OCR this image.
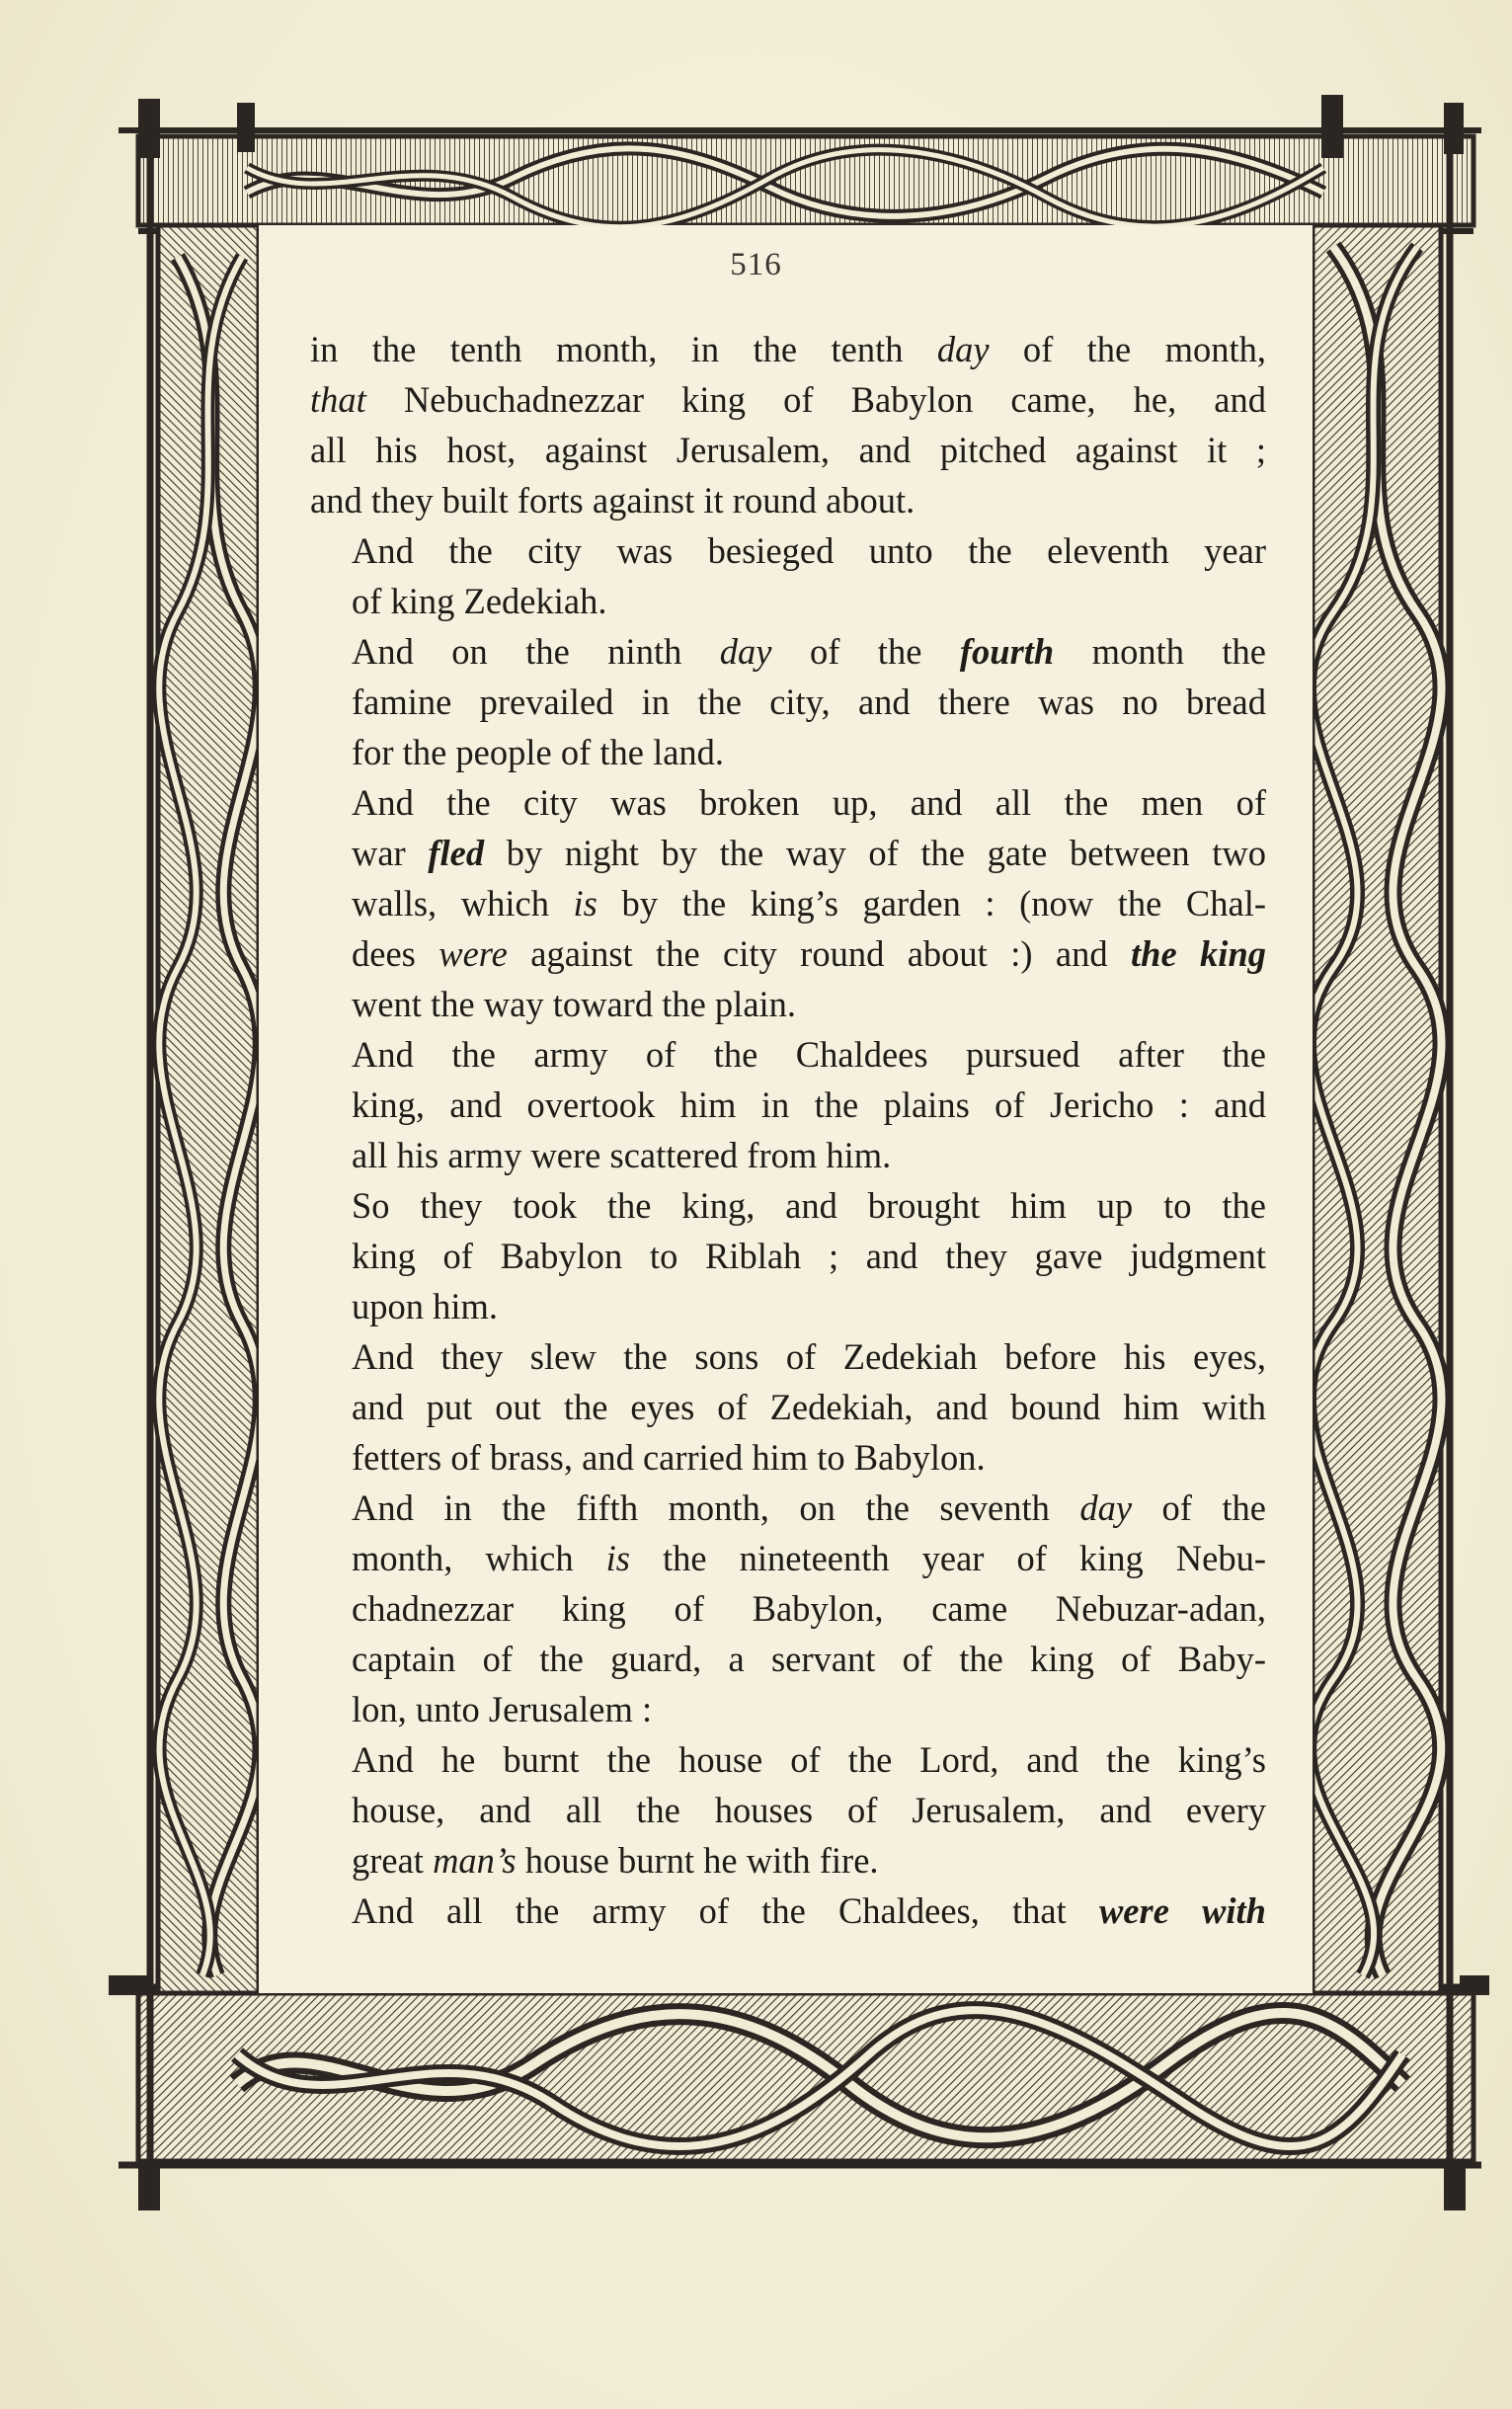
516

in the tenth month, in the tenth day of the month,
that Nebuchadnezzar king of Babylon came, he, and
all his host, against Jerusalem, and pitched against it ;
and they built forts against it round about.

And the city was besieged unto the eleventh year
of king Zedekiah.

And on the ninth day of the fourth month the
famine prevailed in the city, and there was no bread
for the people of the land.

And the city was broken up, and all the men of
war fled by night by the way of the gate between two
walls, which is by the king’s garden : (now the Chal-
dees were against the city round about :) and the king
went the way toward the plain.

And the army of the Chaldees pursued after the
king, and overtook him in the plains of Jericho : and
all his army were scattered from him.

So they took the king, and brought him up to the
king of Babylon to Riblah ; and they gave judgment
upon him.

And they slew the sons of Zedekiah before his eyes,
and put out the eyes of Zedekiah, and bound him with
fetters of brass, and carried him to Babylon.

And in the fifth month, on the seventh day of the
month, which is the nineteenth year of king Nebu-
chadnezzar king of Babylon, came Nebuzar-adan,
captain of the guard, a servant of the king of Baby-
lon, unto Jerusalem :

And he burnt the house of the Lord, and the king’s
house, and all the houses of Jerusalem, and every
great man’s house burnt he with fire.

And all the army of the Chaldees, that were with
